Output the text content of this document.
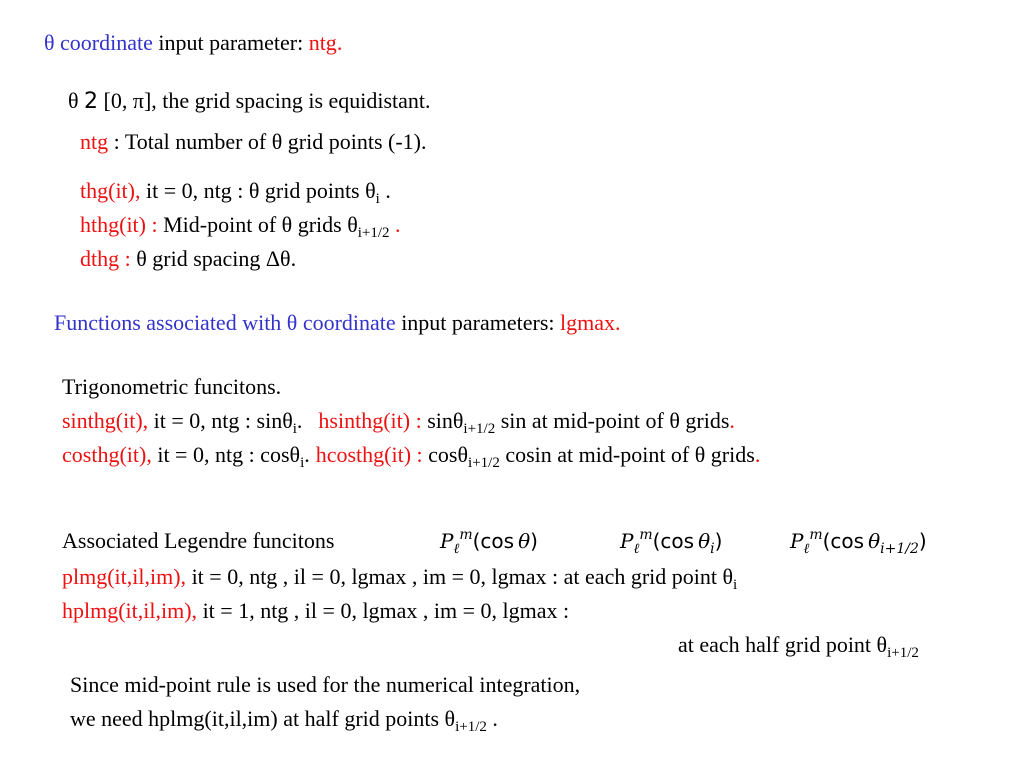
θ coordinate input parameter: ntg.
θ 2 [0, π], the grid spacing is equidistant.
ntg : Total number of θ grid points (-1).
thg(it), it = 0, ntg : θ grid points $\theta_i$ .
hthg(it) : Mid-point of θ grids $\theta_{i+1/2}$ .
dthg : θ grid spacing Δθ.
Functions associated with θ coordinate input parameters: lgmax.
Trigonometric funcitons.
sinthg(it), it = 0, ntg : sinθ$_i$. hsinthg(it) : sinθ$_{i+1/2}$ sin at mid-point of θ grids.
costhg(it), it = 0, ntg : cosθ$_i$. hcosthg(it) : cosθ$_{i+1/2}$ cosin at mid-point of θ grids.
Associated Legendre funcitons	$P_\ell^m(\cos$  θ)	$P_\ell^m(\cos$  $\theta_i$)	$P_\ell^m(\cos$  $\theta_{i+1/2}$)
plmg(it,il,im), it = 0, ntg , il = 0, lgmax , im = 0, lgmax : at each grid point $\theta_i$
hplmg(it,il,im), it = 1, ntg , il = 0, lgmax , im = 0, lgmax :
at each half grid point $\theta_{i+1/2}$
Since mid-point rule is used for the numerical integration,
we need hplmg(it,il,im) at half grid points $\theta_{i+1/2}$ .
